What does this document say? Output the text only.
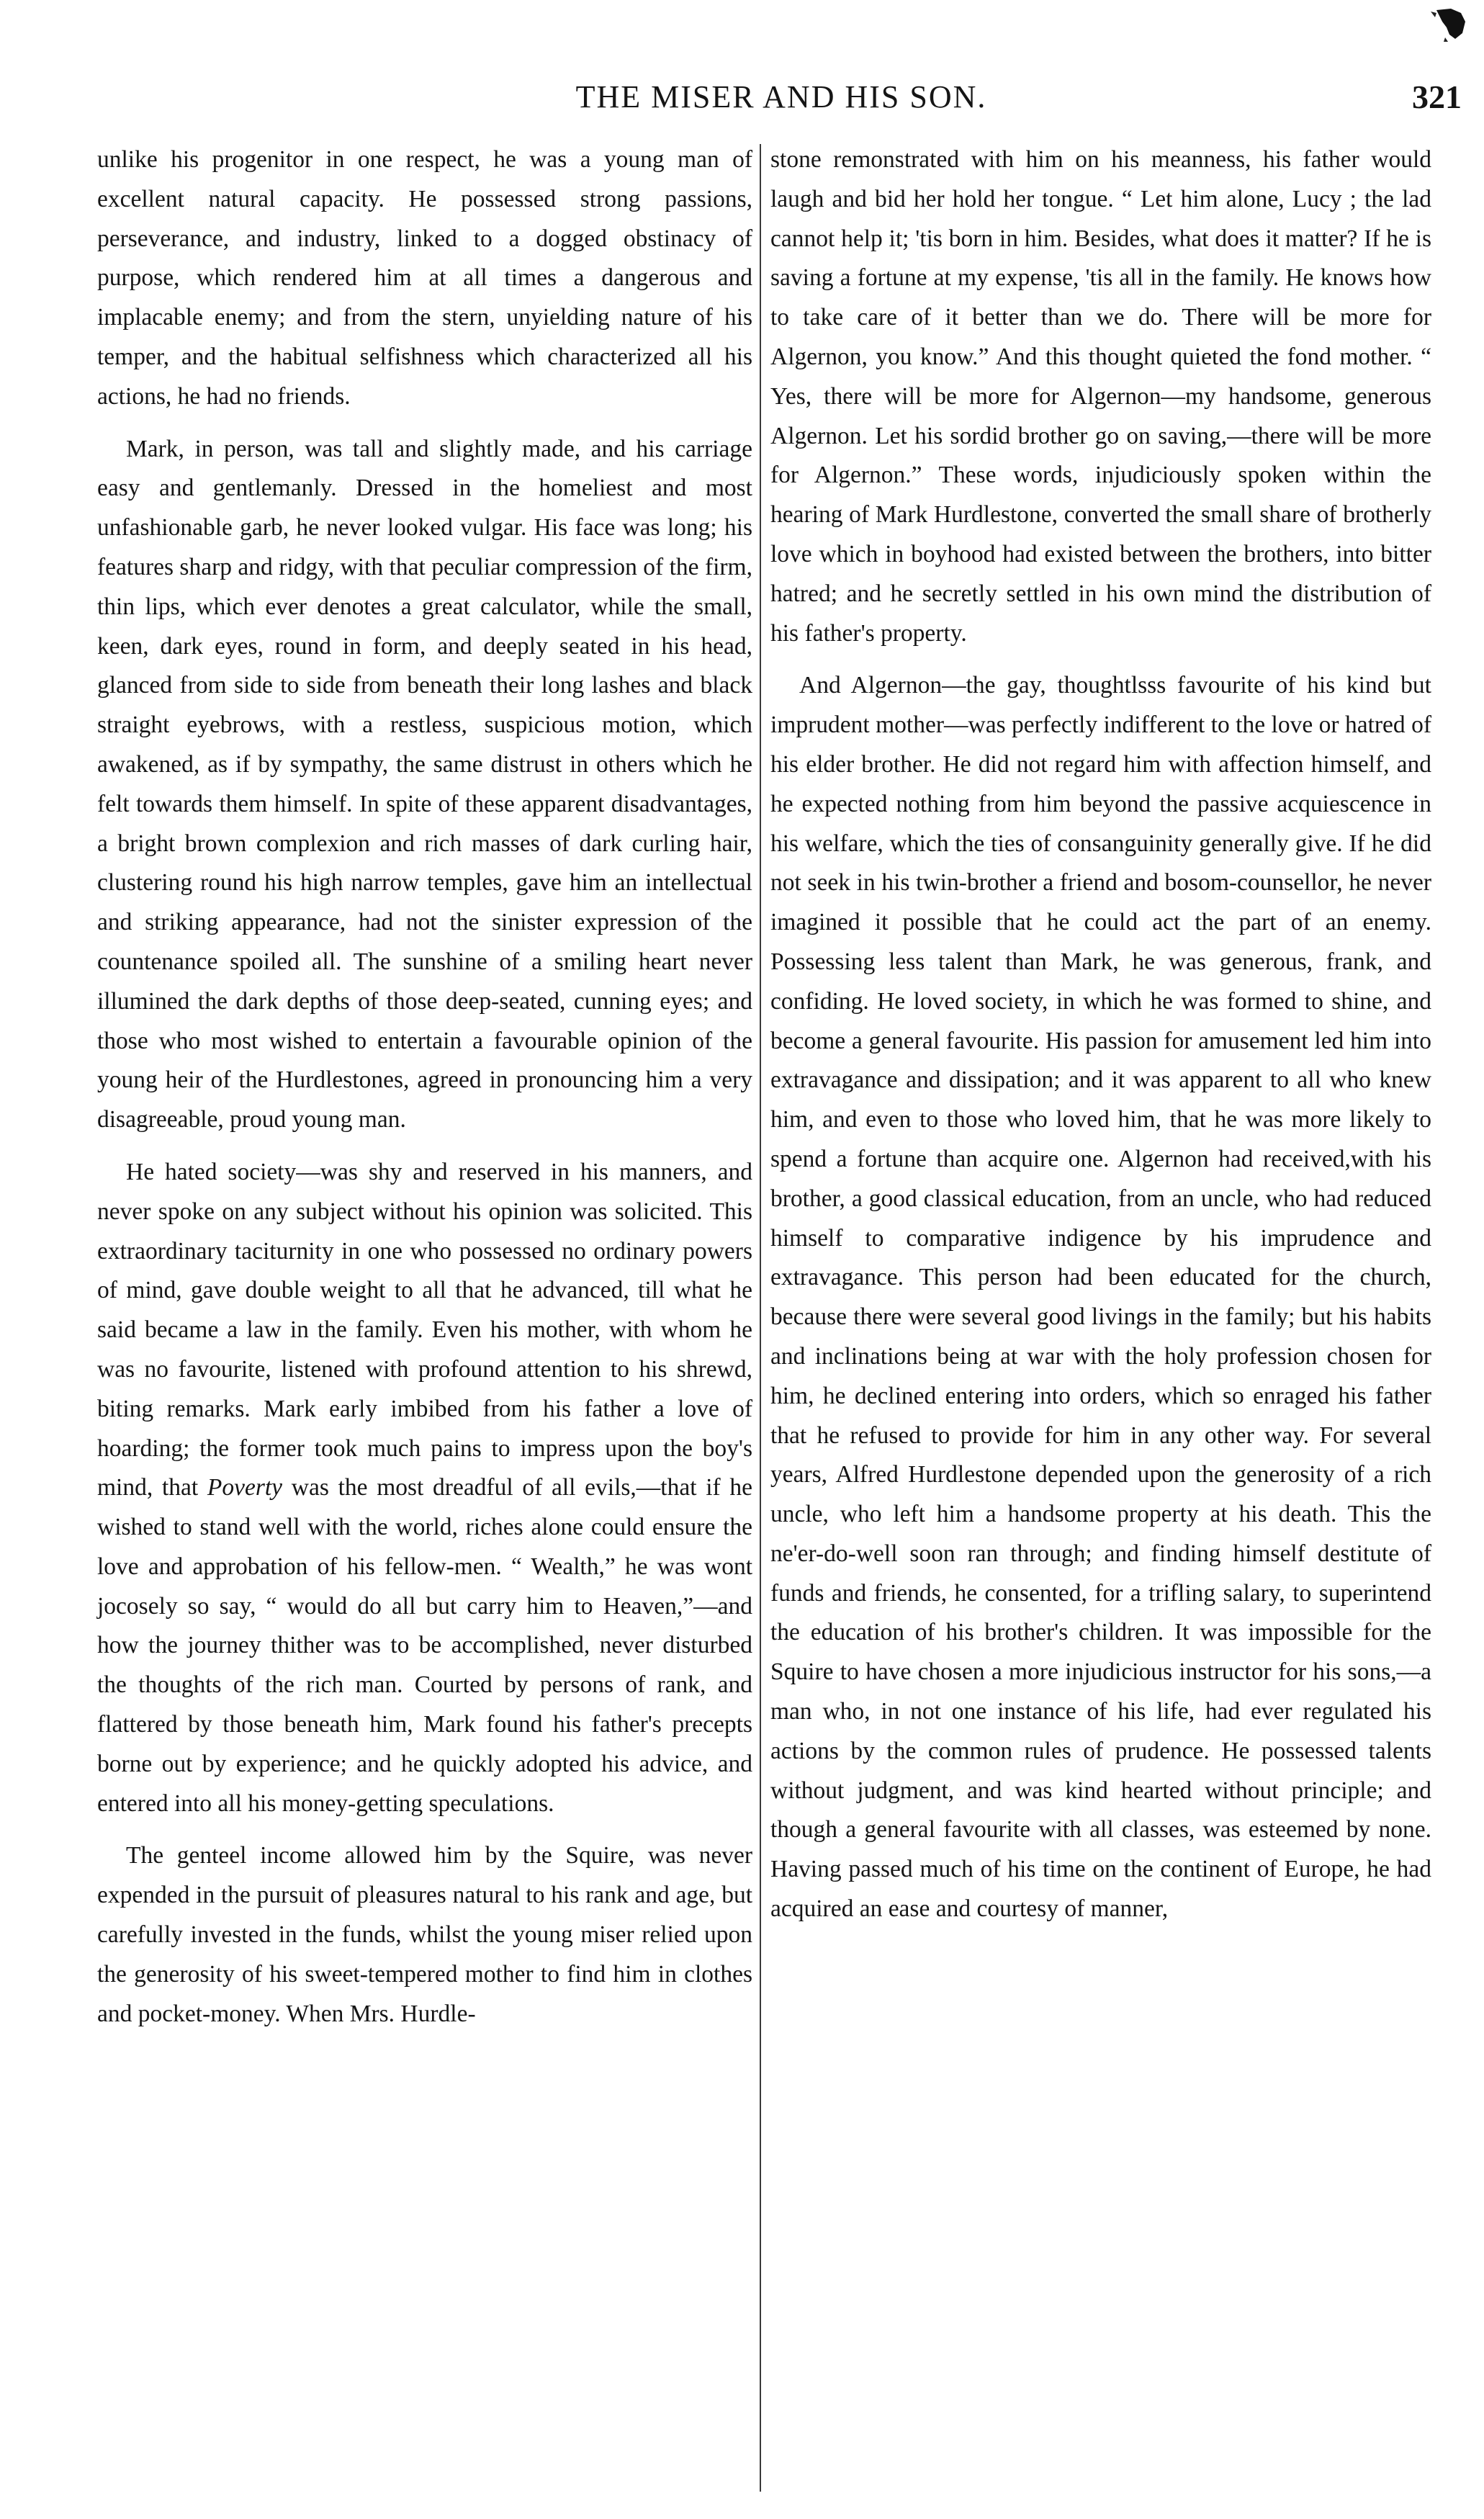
THE MISER AND HIS SON.	321

unlike his progenitor in one respect, he was a young man of excellent natural capacity. He possessed strong passions, perseverance, and industry, linked to a dogged obstinacy of purpose, which rendered him at all times a dangerous and implacable enemy; and from the stern, unyielding nature of his temper, and the habitual selfishness which characterized all his actions, he had no friends.

Mark, in person, was tall and slightly made, and his carriage easy and gentlemanly. Dressed in the homeliest and most unfashionable garb, he never looked vulgar. His face was long; his features sharp and ridgy, with that peculiar compression of the firm, thin lips, which ever denotes a great calculator, while the small, keen, dark eyes, round in form, and deeply seated in his head, glanced from side to side from beneath their long lashes and black straight eyebrows, with a restless, suspicious motion, which awakened, as if by sympathy, the same distrust in others which he felt towards them himself. In spite of these apparent disadvantages, a bright brown complexion and rich masses of dark curling hair, clustering round his high narrow temples, gave him an intellectual and striking appearance, had not the sinister expression of the countenance spoiled all. The sunshine of a smiling heart never illumined the dark depths of those deep-seated, cunning eyes; and those who most wished to entertain a favourable opinion of the young heir of the Hurdlestones, agreed in pronouncing him a very disagreeable, proud young man.

He hated society—was shy and reserved in his manners, and never spoke on any subject without his opinion was solicited. This extraordinary taciturnity in one who possessed no ordinary powers of mind, gave double weight to all that he advanced, till what he said became a law in the family. Even his mother, with whom he was no favourite, listened with profound attention to his shrewd, biting remarks. Mark early imbibed from his father a love of hoarding; the former took much pains to impress upon the boy's mind, that Poverty was the most dreadful of all evils,—that if he wished to stand well with the world, riches alone could ensure the love and approbation of his fellow-men. “ Wealth,” he was wont jocosely so say, “ would do all but carry him to Heaven,”—and how the journey thither was to be accomplished, never disturbed the thoughts of the rich man. Courted by persons of rank, and flattered by those beneath him, Mark found his father's precepts borne out by experience; and he quickly adopted his advice, and entered into all his money-getting speculations.

The genteel income allowed him by the Squire, was never expended in the pursuit of pleasures natural to his rank and age, but carefully invested in the funds, whilst the young miser relied upon the generosity of his sweet-tempered mother to find him in clothes and pocket-money. When Mrs. Hurdle-

stone remonstrated with him on his meanness, his father would laugh and bid her hold her tongue. “ Let him alone, Lucy ; the lad cannot help it; 'tis born in him. Besides, what does it matter? If he is saving a fortune at my expense, 'tis all in the family. He knows how to take care of it better than we do. There will be more for Algernon, you know.” And this thought quieted the fond mother. “ Yes, there will be more for Algernon—my handsome, generous Algernon. Let his sordid brother go on saving,—there will be more for Algernon.” These words, injudiciously spoken within the hearing of Mark Hurdlestone, converted the small share of brotherly love which in boyhood had existed between the brothers, into bitter hatred; and he secretly settled in his own mind the distribution of his father's property.

And Algernon—the gay, thoughtlsss favourite of his kind but imprudent mother—was perfectly indifferent to the love or hatred of his elder brother. He did not regard him with affection himself, and he expected nothing from him beyond the passive acquiescence in his welfare, which the ties of consanguinity generally give. If he did not seek in his twin-brother a friend and bosom-counsellor, he never imagined it possible that he could act the part of an enemy. Possessing less talent than Mark, he was generous, frank, and confiding. He loved society, in which he was formed to shine, and become a general favourite. His passion for amusement led him into extravagance and dissipation; and it was apparent to all who knew him, and even to those who loved him, that he was more likely to spend a fortune than acquire one. Algernon had received,with his brother, a good classical education, from an uncle, who had reduced himself to comparative indigence by his imprudence and extravagance. This person had been educated for the church, because there were several good livings in the family; but his habits and inclinations being at war with the holy profession chosen for him, he declined entering into orders, which so enraged his father that he refused to provide for him in any other way. For several years, Alfred Hurdlestone depended upon the generosity of a rich uncle, who left him a handsome property at his death. This the ne'er-do-well soon ran through; and finding himself destitute of funds and friends, he consented, for a trifling salary, to superintend the education of his brother's children. It was impossible for the Squire to have chosen a more injudicious instructor for his sons,—a man who, in not one instance of his life, had ever regulated his actions by the common rules of prudence. He possessed talents without judgment, and was kind hearted without principle; and though a general favourite with all classes, was esteemed by none. Having passed much of his time on the continent of Europe, he had acquired an ease and courtesy of manner,
